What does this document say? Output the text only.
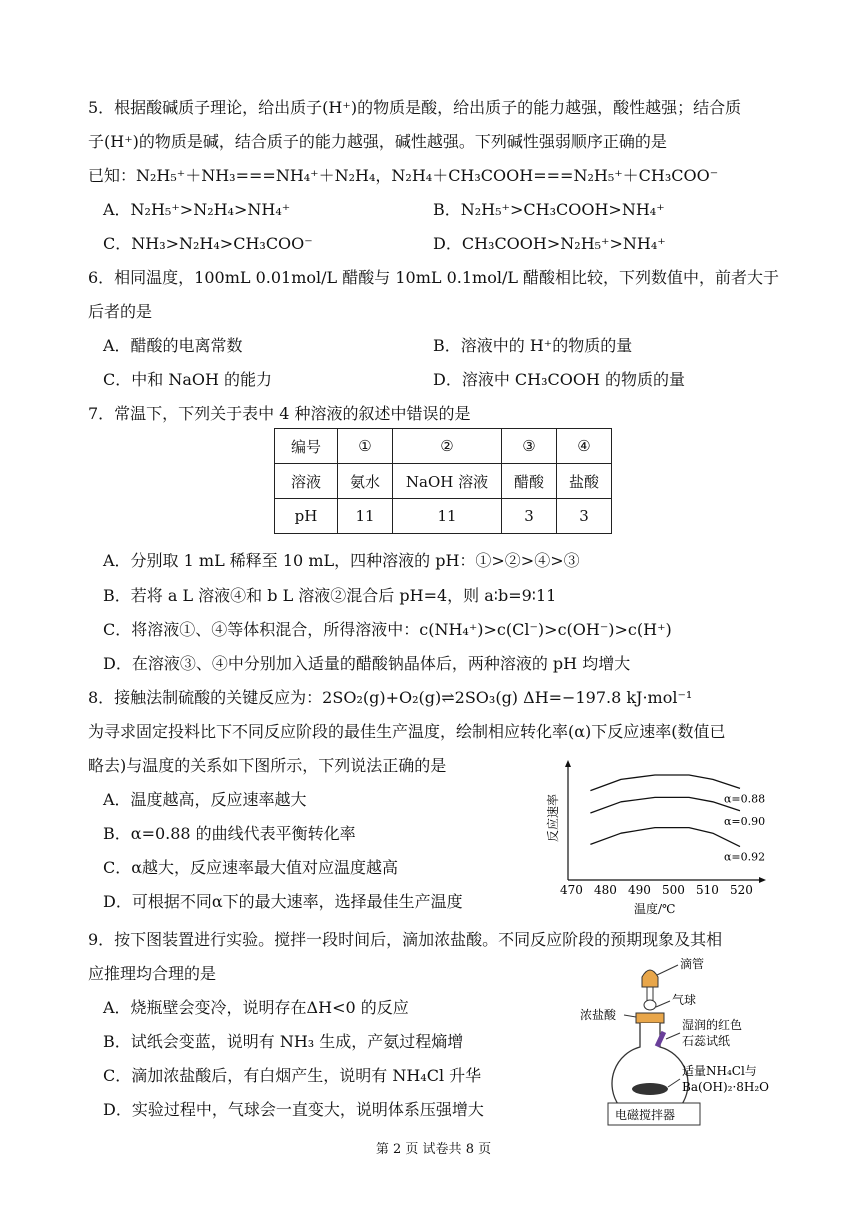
5．根据酸碱质子理论，给出质子(H⁺)的物质是酸，给出质子的能力越强，酸性越强；结合质
子(H⁺)的物质是碱，结合质子的能力越强，碱性越强。下列碱性强弱顺序正确的是
已知：N₂H₅⁺＋NH₃===NH₄⁺＋N₂H₄，N₂H₄＋CH₃COOH===N₂H₅⁺＋CH₃COO⁻
A．N₂H₅⁺>N₂H₄>NH₄⁺	B．N₂H₅⁺>CH₃COOH>NH₄⁺
C．NH₃>N₂H₄>CH₃COO⁻	D．CH₃COOH>N₂H₅⁺>NH₄⁺
6．相同温度，100mL 0.01mol/L 醋酸与 10mL 0.1mol/L 醋酸相比较，下列数值中，前者大于
后者的是
A．醋酸的电离常数	B．溶液中的 H⁺的物质的量
C．中和 NaOH 的能力	D．溶液中 CH₃COOH 的物质的量
7．常温下，下列关于表中 4 种溶液的叙述中错误的是
编号	①	②	③	④
溶液	氨水	NaOH 溶液	醋酸	盐酸
pH	11	11	3	3
A．分别取 1 mL 稀释至 10 mL，四种溶液的 pH：①>②>④>③
B．若将 a L 溶液④和 b L 溶液②混合后 pH=4，则 a∶b=9∶11
C．将溶液①、④等体积混合，所得溶液中：c(NH₄⁺)>c(Cl⁻)>c(OH⁻)>c(H⁺)
D．在溶液③、④中分别加入适量的醋酸钠晶体后，两种溶液的 pH 均增大
8．接触法制硫酸的关键反应为：2SO₂(g)+O₂(g)⇌2SO₃(g) ΔH=−197.8 kJ·mol⁻¹
为寻求固定投料比下不同反应阶段的最佳生产温度，绘制相应转化率(α)下反应速率(数值已
略去)与温度的关系如下图所示，下列说法正确的是
A．温度越高，反应速率越大
B．α=0.88 的曲线代表平衡转化率
C．α越大，反应速率最大值对应温度越高
D．可根据不同α下的最大速率，选择最佳生产温度
反应速率	α=0.88
α=0.90
α=0.92
470 480 490 500 510 520
温度/℃
9．按下图装置进行实验。搅拌一段时间后，滴加浓盐酸。不同反应阶段的预期现象及其相
应推理均合理的是
A．烧瓶壁会变冷，说明存在ΔH<0 的反应
B．试纸会变蓝，说明有 NH₃ 生成，产氨过程熵增
C．滴加浓盐酸后，有白烟产生，说明有 NH₄Cl 升华
D．实验过程中，气球会一直变大，说明体系压强增大
滴管
气球
浓盐酸
湿润的红色
石蕊试纸
适量NH₄Cl与
Ba(OH)₂·8H₂O
电磁搅拌器
第 2 页 试卷共 8 页
